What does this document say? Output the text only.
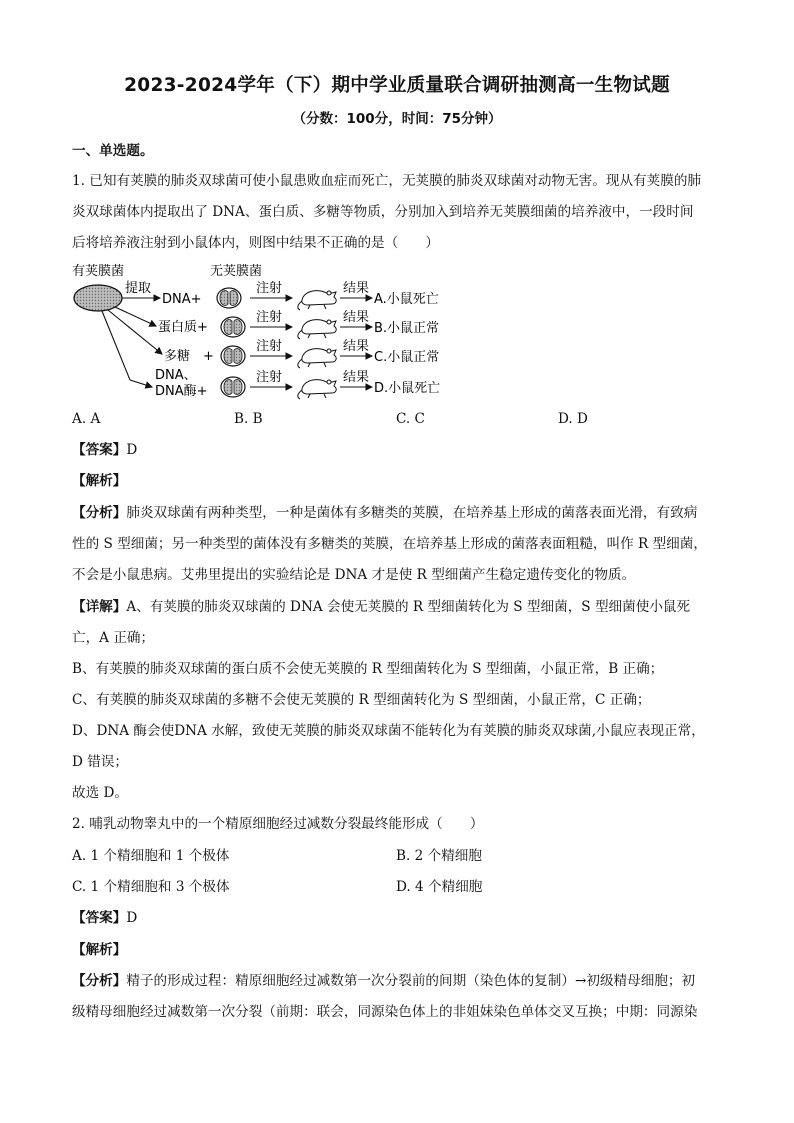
2023-2024学年（下）期中学业质量联合调研抽测高一生物试题
（分数：100分，时间：75分钟）
一、单选题。
1. 已知有荚膜的肺炎双球菌可使小鼠患败血症而死亡，无荚膜的肺炎双球菌对动物无害。现从有荚膜的肺
炎双球菌体内提取出了 DNA、蛋白质、多糖等物质，分别加入到培养无荚膜细菌的培养液中，一段时间
后将培养液注射到小鼠体内，则图中结果不正确的是（　　）
有荚膜菌	无荚膜菌
提取
DNA+
蛋白质+
多糖　+
DNA、
DNA酶+
注射
注射
注射
注射
结果
结果
结果
结果
A.小鼠死亡
B.小鼠正常
C.小鼠正常
D.小鼠死亡
A. A	B. B	C. C	D. D
【答案】D
【解析】
【分析】肺炎双球菌有两种类型，一种是菌体有多糖类的荚膜，在培养基上形成的菌落表面光滑，有致病
性的 S 型细菌；另一种类型的菌体没有多糖类的荚膜，在培养基上形成的菌落表面粗糙，叫作 R 型细菌，
不会是小鼠患病。艾弗里提出的实验结论是 DNA 才是使 R 型细菌产生稳定遗传变化的物质。
【详解】A、有荚膜的肺炎双球菌的 DNA 会使无荚膜的 R 型细菌转化为 S 型细菌，S 型细菌使小鼠死
亡，A 正确；
B、有荚膜的肺炎双球菌的蛋白质不会使无荚膜的 R 型细菌转化为 S 型细菌，小鼠正常，B 正确；
C、有荚膜的肺炎双球菌的多糖不会使无荚膜的 R 型细菌转化为 S 型细菌，小鼠正常，C 正确；
D、DNA 酶会使DNA 水解，致使无荚膜的肺炎双球菌不能转化为有荚膜的肺炎双球菌,小鼠应表现正常，
D 错误；
故选 D。
2. 哺乳动物睾丸中的一个精原细胞经过减数分裂最终能形成（　　）
A. 1 个精细胞和 1 个极体	B. 2 个精细胞
C. 1 个精细胞和 3 个极体	D. 4 个精细胞
【答案】D
【解析】
【分析】精子的形成过程：精原细胞经过减数第一次分裂前的间期（染色体的复制）→初级精母细胞；初
级精母细胞经过减数第一次分裂（前期：联会，同源染色体上的非姐妹染色单体交叉互换；中期：同源染
